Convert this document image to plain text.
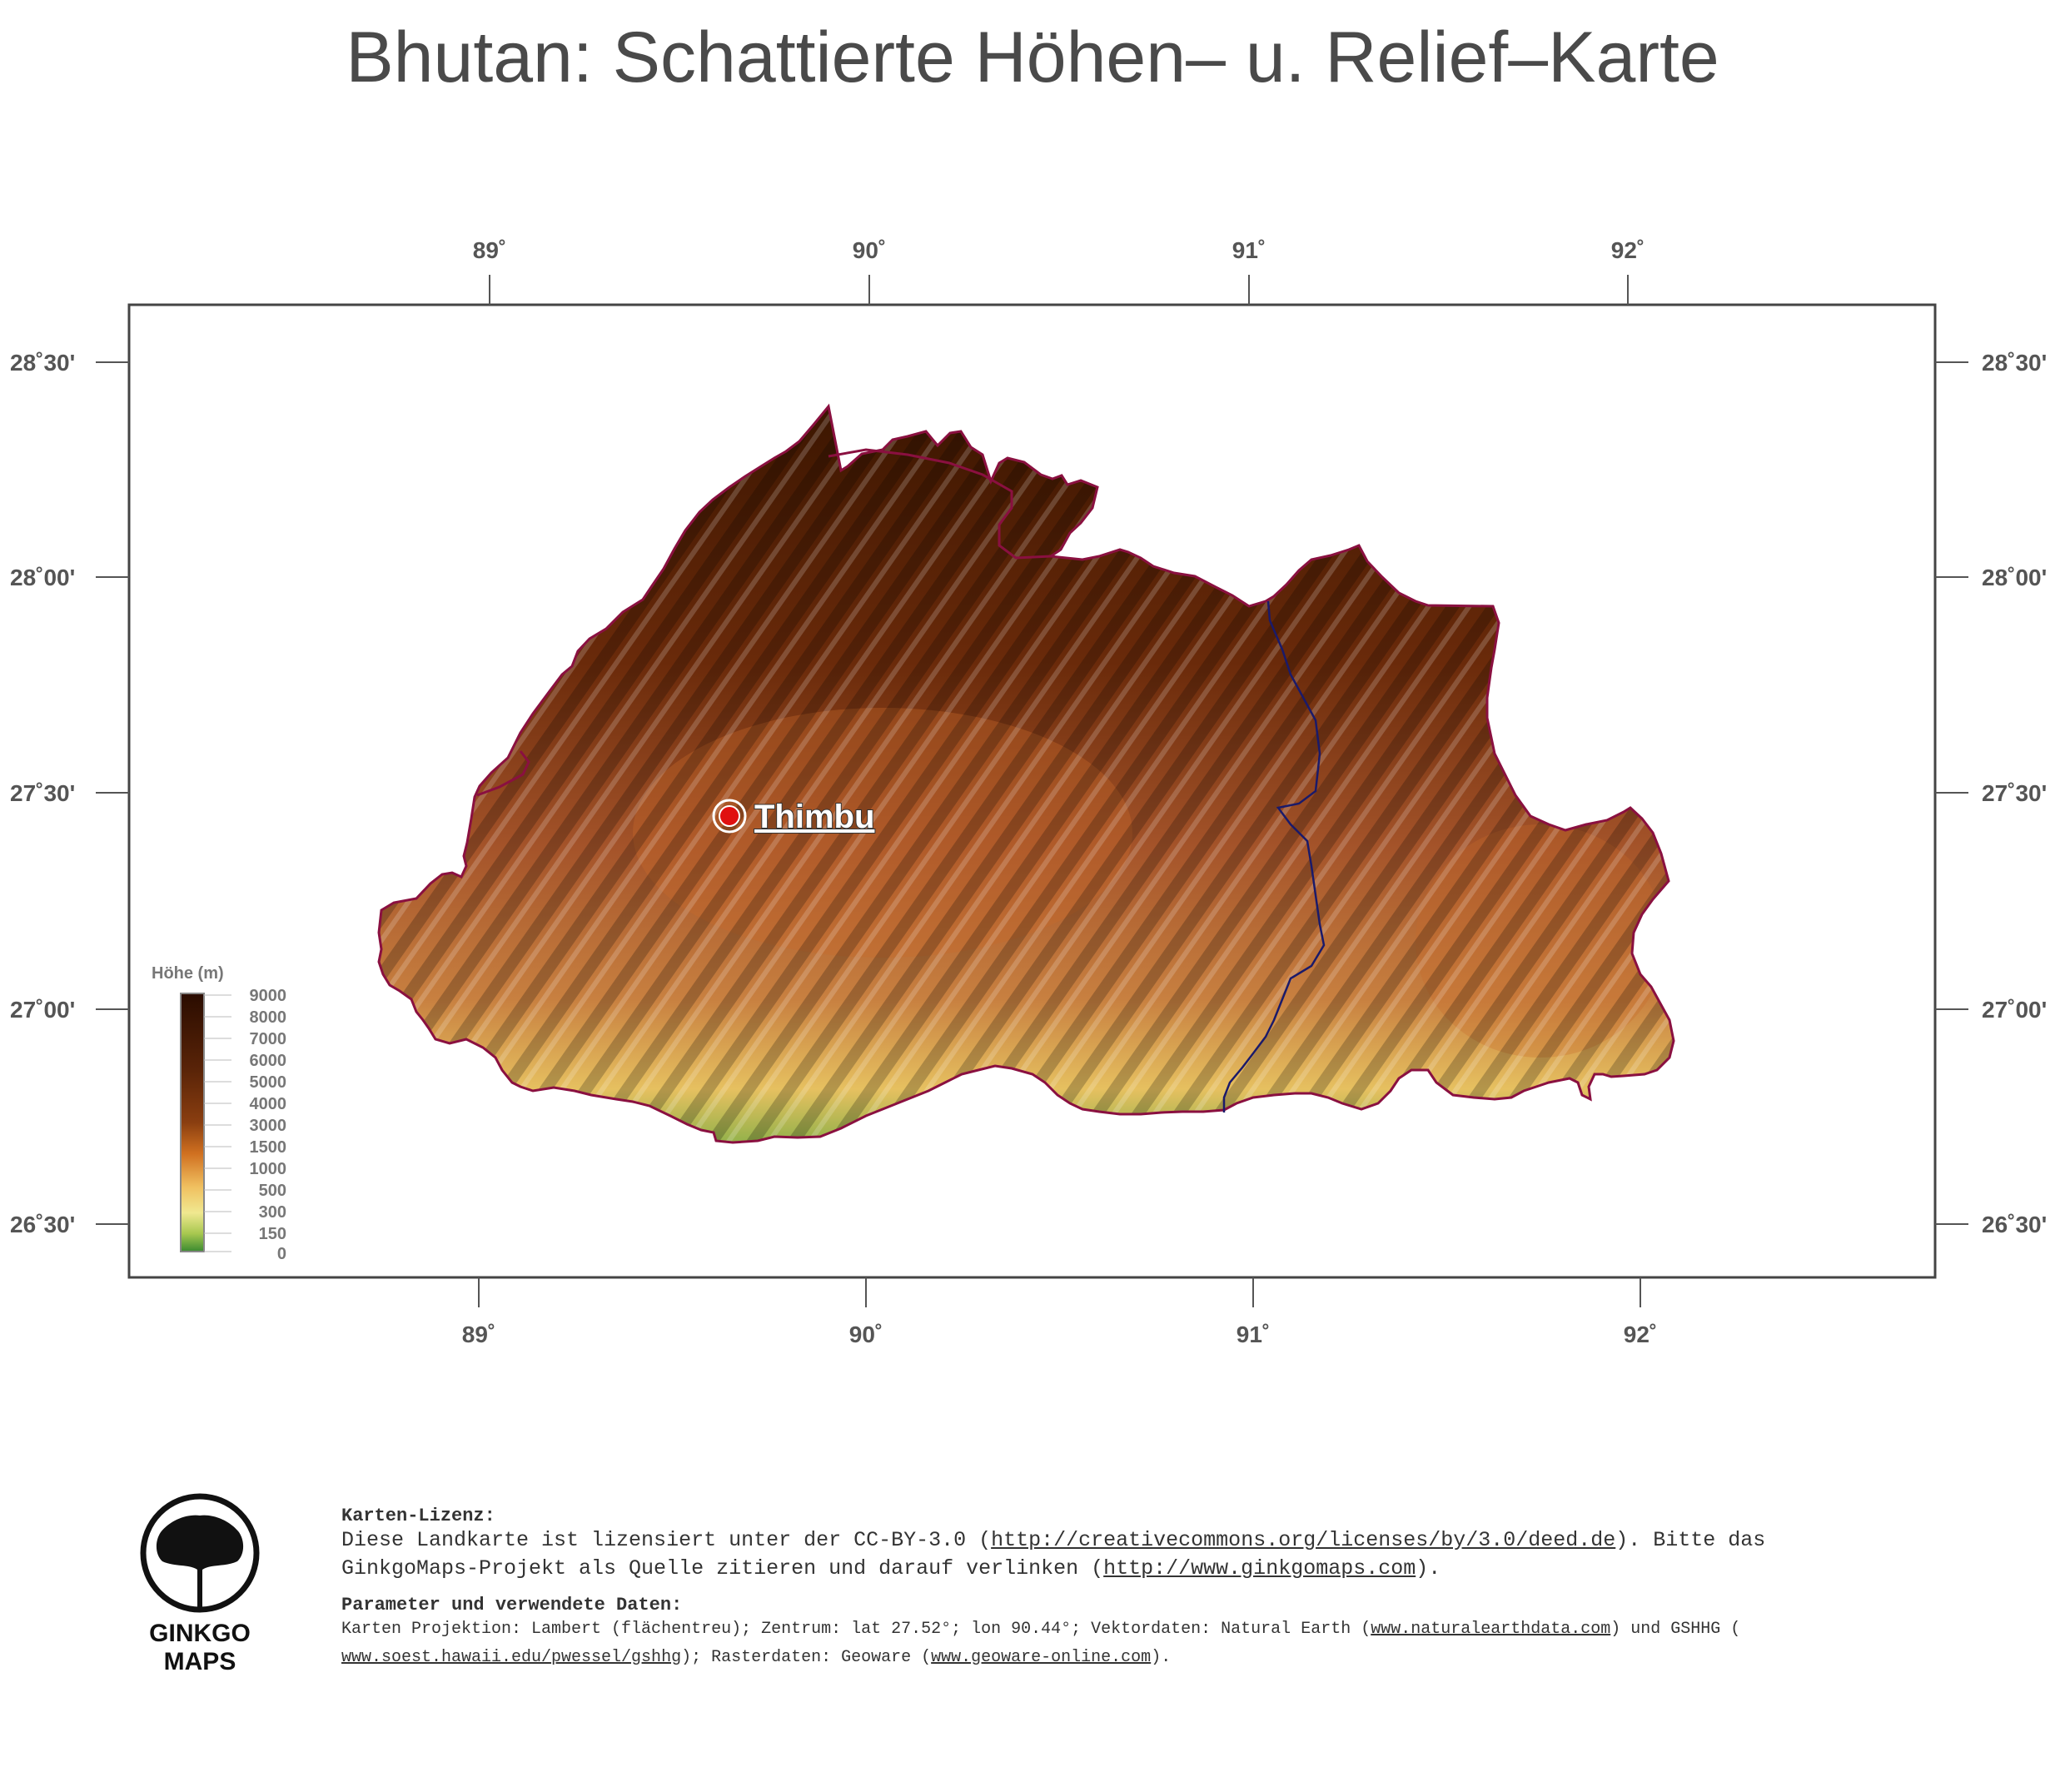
Bhutan: Schattierte Höhen– u. Relief–Karte
89˚	90˚	91˚	92˚
89˚	90˚	91˚	92˚
28˚30'
28˚00'
27˚30'
27˚00'
26˚30'
28˚30'
28˚00'
27˚30'
27˚00'
26˚30'
Thimbu
Höhe (m)
9000
8000
7000
6000
5000
4000
3000
1500
1000
500
300
150
0
GINKGO
MAPS
Karten-Lizenz:
Diese Landkarte ist lizensiert unter der CC-BY-3.0 (http://creativecommons.org/licenses/by/3.0/deed.de). Bitte das
GinkgoMaps-Projekt als Quelle zitieren und darauf verlinken (http://www.ginkgomaps.com).
Parameter und verwendete Daten:
Karten Projektion: Lambert (flächentreu); Zentrum: lat 27.52°; lon 90.44°; Vektordaten: Natural Earth (www.naturalearthdata.com) und GSHHG (
www.soest.hawaii.edu/pwessel/gshhg); Rasterdaten: Geoware (www.geoware-online.com).
